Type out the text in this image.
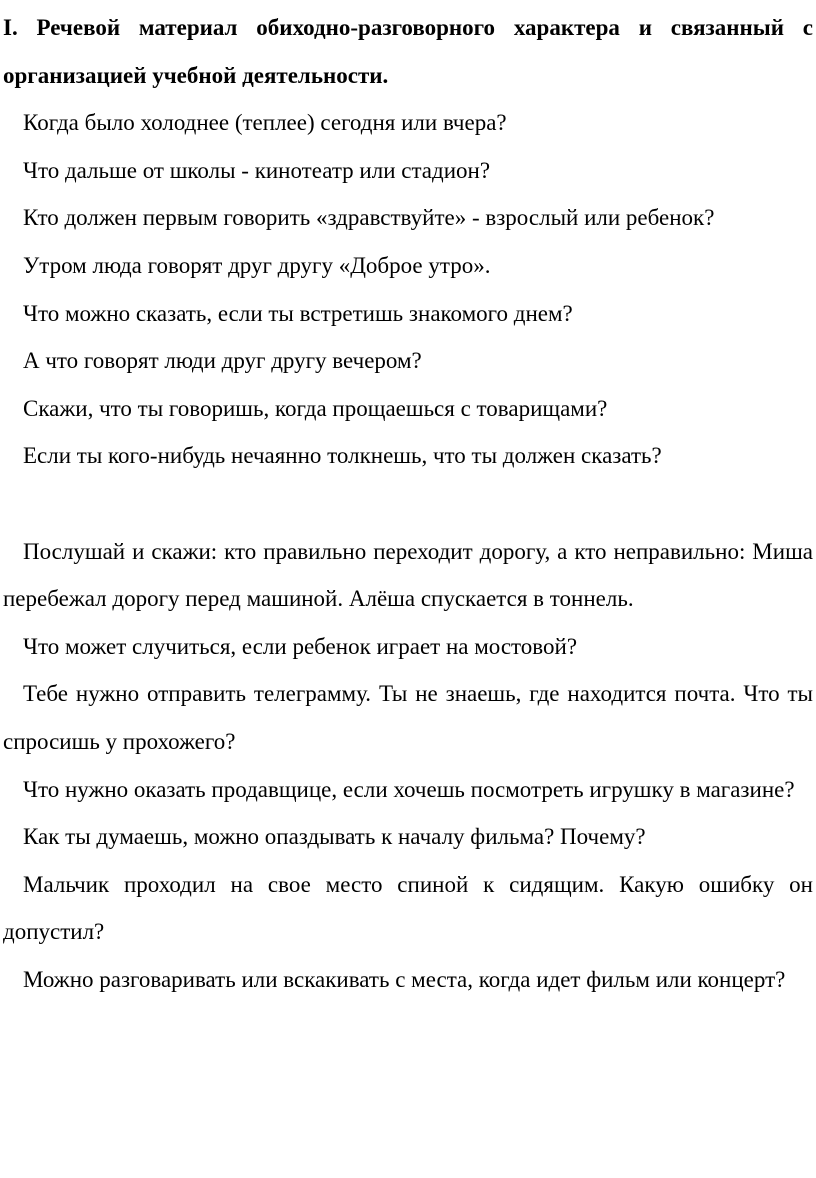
I. Речевой материал обиходно-разговорного характера и связанный с организацией учебной деятельности.

Когда было холоднее (теплее) сегодня или вчера?

Что дальше от школы - кинотеатр или стадион?

Кто должен первым говорить «здравствуйте» - взрослый или ребенок?

Утром люда говорят друг другу «Доброе утро».

Что можно сказать, если ты встретишь знакомого днем?

А что говорят люди друг другу вечером?

Скажи, что ты говоришь, когда прощаешься с товарищами?

Если ты кого-нибудь нечаянно толкнешь, что ты должен сказать?

Послушай и скажи: кто правильно переходит дорогу, а кто неправильно: Миша перебежал дорогу перед машиной. Алёша спускается в тоннель.

Что может случиться, если ребенок играет на мостовой?

Тебе нужно отправить телеграмму. Ты не знаешь, где находится почта. Что ты спросишь у прохожего?

Что нужно оказать продавщице, если хочешь посмотреть игрушку в магазине?

Как ты думаешь, можно опаздывать к началу фильма? Почему?

Мальчик проходил на свое место спиной к сидящим. Какую ошибку он допустил?

Можно разговаривать или вскакивать с места, когда идет фильм или концерт?
